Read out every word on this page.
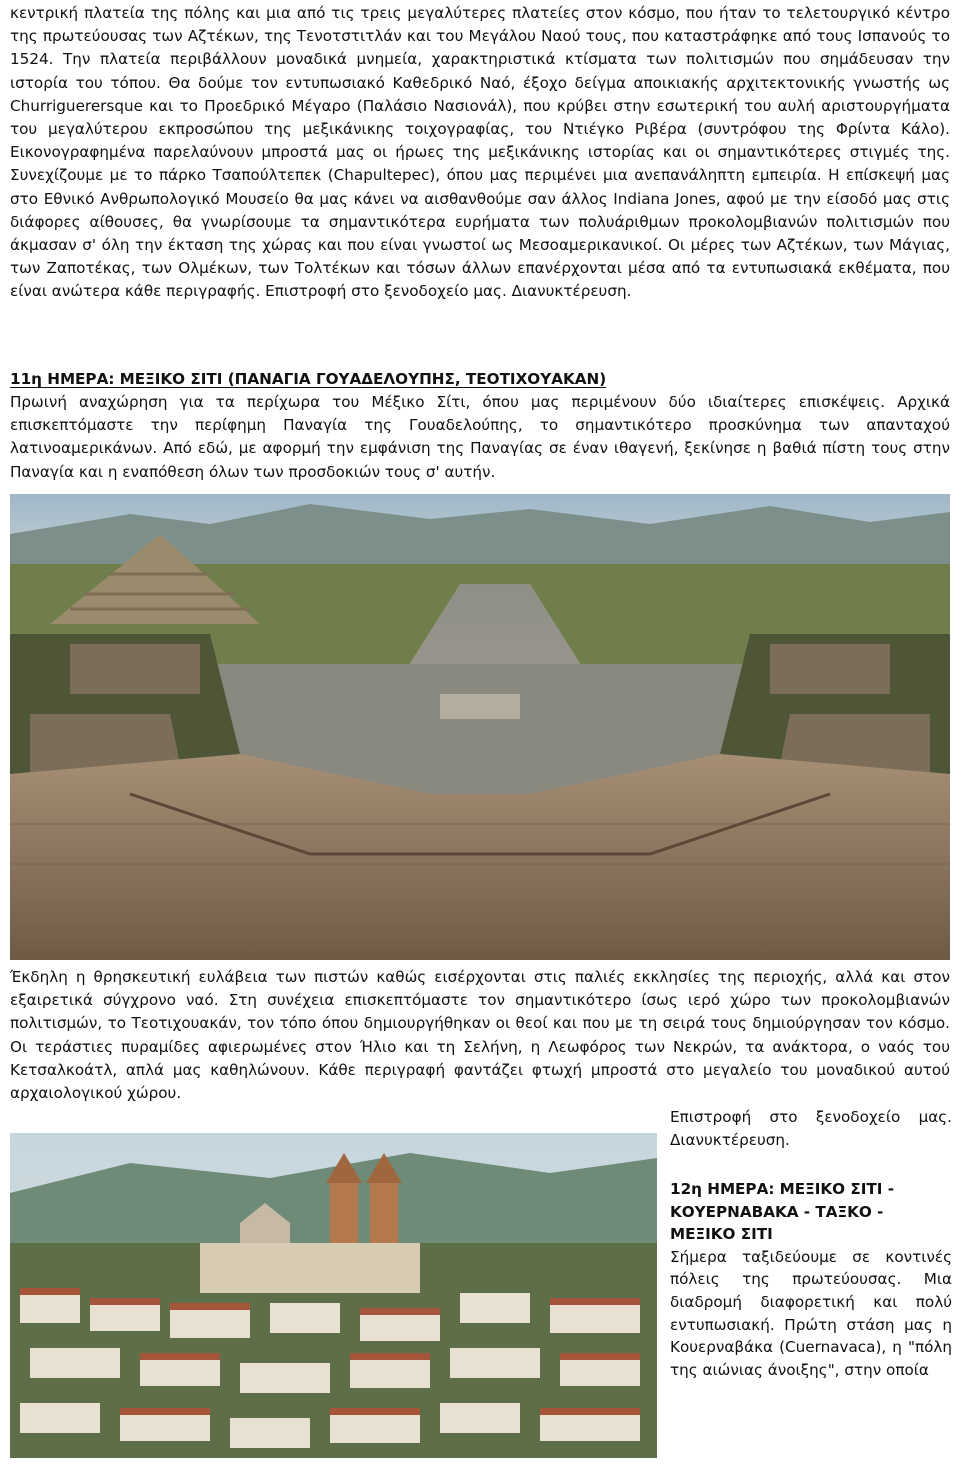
κεντρική πλατεία της πόλης και μια από τις τρεις μεγαλύτερες πλατείες στον κόσμο, που ήταν το τελετουργικό κέντρο της πρωτεύουσας των Αζτέκων, της Τενοτστιτλάν και του Μεγάλου Ναού τους, που καταστράφηκε από τους Ισπανούς το 1524. Την πλατεία περιβάλλουν μοναδικά μνημεία, χαρακτηριστικά κτίσματα των πολιτισμών που σημάδευσαν την ιστορία του τόπου. Θα δούμε τον εντυπωσιακό Καθεδρικό Ναό, έξοχο δείγμα αποικιακής αρχιτεκτονικής γνωστής ως Churriguerersque και το Προεδρικό Μέγαρο (Παλάσιο Νασιονάλ), που κρύβει στην εσωτερική του αυλή αριστουργήματα του μεγαλύτερου εκπροσώπου της μεξικάνικης τοιχογραφίας, του Ντιέγκο Ριβέρα (συντρόφου της Φρίντα Κάλο). Εικονογραφημένα παρελαύνουν μπροστά μας οι ήρωες της μεξικάνικης ιστορίας και οι σημαντικότερες στιγμές της. Συνεχίζουμε με το πάρκο Τσαπούλτεπεκ (Chapultepec), όπου μας περιμένει μια ανεπανάληπτη εμπειρία. Η επίσκεψή μας στο Εθνικό Ανθρωπολογικό Μουσείο θα μας κάνει να αισθανθούμε σαν άλλος Indiana Jones, αφού με την είσοδό μας στις διάφορες αίθουσες, θα γνωρίσουμε τα σημαντικότερα ευρήματα των πολυάριθμων προκολομβιανών πολιτισμών που άκμασαν σ' όλη την έκταση της χώρας και που είναι γνωστοί ως Μεσοαμερικανικοί. Οι μέρες των Αζτέκων, των Μάγιας, των Ζαποτέκας, των Ολμέκων, των Τολτέκων και τόσων άλλων επανέρχονται μέσα από τα εντυπωσιακά εκθέματα, που είναι ανώτερα κάθε περιγραφής. Επιστροφή στο ξενοδοχείο μας. Διανυκτέρευση.

11η ΗΜΕΡΑ: ΜΕΞΙΚΟ ΣΙΤΙ (ΠΑΝΑΓΙΑ ΓΟΥΑΔΕΛΟΥΠΗΣ, ΤΕΟΤΙΧΟΥΑΚΑΝ)

Πρωινή αναχώρηση για τα περίχωρα του Μέξικο Σίτι, όπου μας περιμένουν δύο ιδιαίτερες επισκέψεις. Αρχικά επισκεπτόμαστε την περίφημη Παναγία της Γουαδελούπης, το σημαντικότερο προσκύνημα των απανταχού λατινοαμερικάνων. Από εδώ, με αφορμή την εμφάνιση της Παναγίας σε έναν ιθαγενή, ξεκίνησε η βαθιά πίστη τους στην Παναγία και η εναπόθεση όλων των προσδοκιών τους σ' αυτήν.

Έκδηλη η θρησκευτική ευλάβεια των πιστών καθώς εισέρχονται στις παλιές εκκλησίες της περιοχής, αλλά και στον εξαιρετικά σύγχρονο ναό. Στη συνέχεια επισκεπτόμαστε τον σημαντικότερο ίσως ιερό χώρο των προκολομβιανών πολιτισμών, το Τεοτιχουακάν, τον τόπο όπου δημιουργήθηκαν οι θεοί και που με τη σειρά τους δημιούργησαν τον κόσμο. Οι τεράστιες πυραμίδες αφιερωμένες στον Ήλιο και τη Σελήνη, η Λεωφόρος των Νεκρών, τα ανάκτορα, ο ναός του Κετσαλκοάτλ, απλά μας καθηλώνουν. Κάθε περιγραφή φαντάζει φτωχή μπροστά στο μεγαλείο του μοναδικού αυτού αρχαιολογικού χώρου.

Επιστροφή στο ξενοδοχείο μας. Διανυκτέρευση.

12η ΗΜΕΡΑ: ΜΕΞΙΚΟ ΣΙΤΙ - ΚΟΥΕΡΝΑΒΑΚΑ - ΤΑΞΚΟ - ΜΕΞΙΚΟ ΣΙΤΙ
Σήμερα ταξιδεύουμε σε κοντινές πόλεις της πρωτεύουσας. Μια διαδρομή διαφορετική και πολύ εντυπωσιακή. Πρώτη στάση μας η Κουερναβάκα (Cuernavaca), η "πόλη της αιώνιας άνοιξης", στην οποία
